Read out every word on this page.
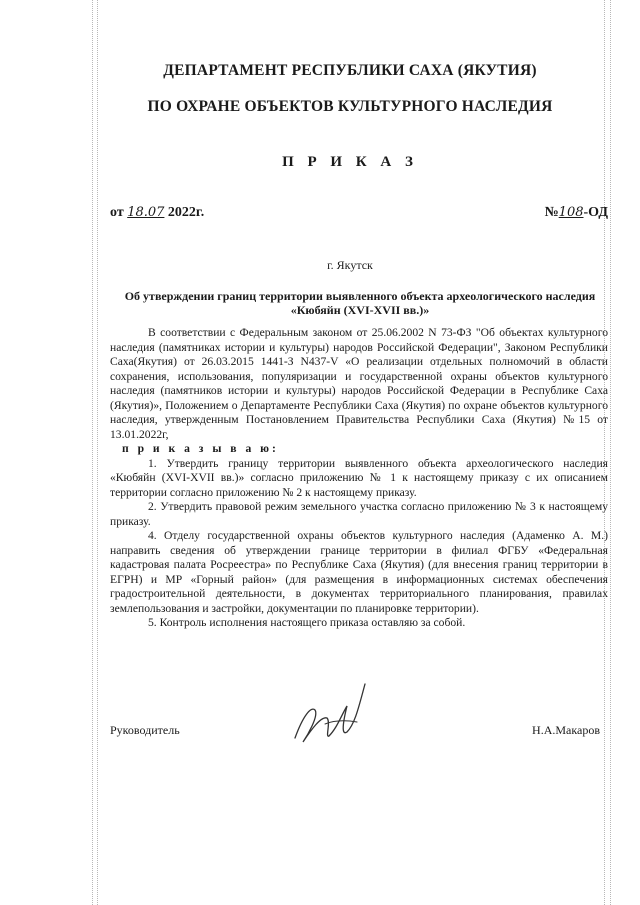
ДЕПАРТАМЕНТ РЕСПУБЛИКИ САХА (ЯКУТИЯ)
ПО ОХРАНЕ ОБЪЕКТОВ КУЛЬТУРНОГО НАСЛЕДИЯ
П Р И К А З
от 18.07 2022г.	№108-ОД
г. Якутск
Об утверждении границ территории выявленного объекта археологического наследия «Кюбяйн (XVI-XVII вв.)»

В соответствии с Федеральным законом от 25.06.2002 N 73-ФЗ "Об объектах культурного наследия (памятниках истории и культуры) народов Российской Федерации", Законом Республики Саха(Якутия) от 26.03.2015 1441-З N437-V «О реализации отдельных полномочий в области сохранения, использования, популяризации и государственной охраны объектов культурного наследия (памятников истории и культуры) народов Российской Федерации в Республике Саха (Якутия)», Положением о Департаменте Республики Саха (Якутия) по охране объектов культурного наследия, утвержденным Постановлением Правительства Республики Саха (Якутия) №15 от 13.01.2022г,

п р и к а з ы в а ю:

1. Утвердить границу территории выявленного объекта археологического наследия «Кюбяйн (XVI-XVII вв.)» согласно приложению № 1 к настоящему приказу с их описанием территории согласно приложению № 2 к настоящему приказу.

2. Утвердить правовой режим земельного участка согласно приложению № 3 к настоящему приказу.

4. Отделу государственной охраны объектов культурного наследия (Адаменко А. М.) направить сведения об утверждении границе территории в филиал ФГБУ «Федеральная кадастровая палата Росреестра» по Республике Саха (Якутия) (для внесения границ территории в ЕГРН) и МР «Горный район» (для размещения в информационных системах обеспечения градостроительной деятельности, в документах территориального планирования, правилах землепользования и застройки, документации по планировке территории).

5. Контроль исполнения настоящего приказа оставляю за собой.

Руководитель	Н.А.Макаров
